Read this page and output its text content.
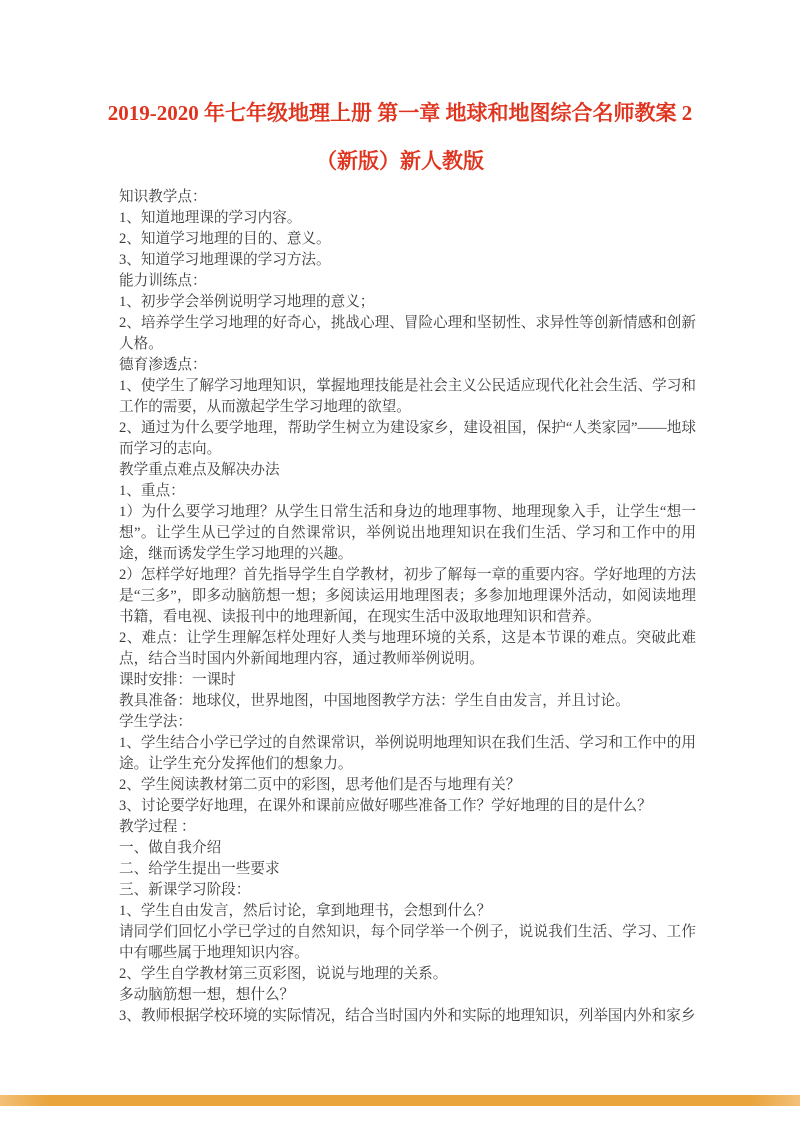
2019-2020 年七年级地理上册 第一章 地球和地图综合名师教案 2
（新版）新人教版

知识教学点：

1、知道地理课的学习内容。

2、知道学习地理的目的、意义。

3、知道学习地理课的学习方法。

能力训练点：

1、初步学会举例说明学习地理的意义；

2、培养学生学习地理的好奇心，挑战心理、冒险心理和坚韧性、求异性等创新情感和创新人格。

德育渗透点：

1、使学生了解学习地理知识，掌握地理技能是社会主义公民适应现代化社会生活、学习和工作的需要，从而激起学生学习地理的欲望。

2、通过为什么要学地理，帮助学生树立为建设家乡，建设祖国，保护“人类家园”——地球而学习的志向。

教学重点难点及解决办法

1、重点：

1）为什么要学习地理？从学生日常生活和身边的地理事物、地理现象入手，让学生“想一想”。让学生从已学过的自然课常识，举例说出地理知识在我们生活、学习和工作中的用途，继而诱发学生学习地理的兴趣。

2）怎样学好地理？首先指导学生自学教材，初步了解每一章的重要内容。学好地理的方法是“三多”，即多动脑筋想一想；多阅读运用地理图表；多参加地理课外活动，如阅读地理书籍，看电视、读报刊中的地理新闻，在现实生活中汲取地理知识和营养。

2、难点：让学生理解怎样处理好人类与地理环境的关系，这是本节课的难点。突破此难点，结合当时国内外新闻地理内容，通过教师举例说明。

课时安排：一课时

教具准备：地球仪，世界地图，中国地图教学方法：学生自由发言，并且讨论。

学生学法：

1、学生结合小学已学过的自然课常识，举例说明地理知识在我们生活、学习和工作中的用途。让学生充分发挥他们的想象力。

2、学生阅读教材第二页中的彩图，思考他们是否与地理有关？

3、讨论要学好地理，在课外和课前应做好哪些准备工作？学好地理的目的是什么？

教学过程 ：

一、做自我介绍

二、给学生提出一些要求

三、新课学习阶段：

1、学生自由发言，然后讨论，拿到地理书，会想到什么？

请同学们回忆小学已学过的自然知识，每个同学举一个例子，说说我们生活、学习、工作中有哪些属于地理知识内容。

2、学生自学教材第三页彩图，说说与地理的关系。

多动脑筋想一想，想什么？

3、教师根据学校环境的实际情况，结合当时国内外和实际的地理知识，列举国内外和家乡
